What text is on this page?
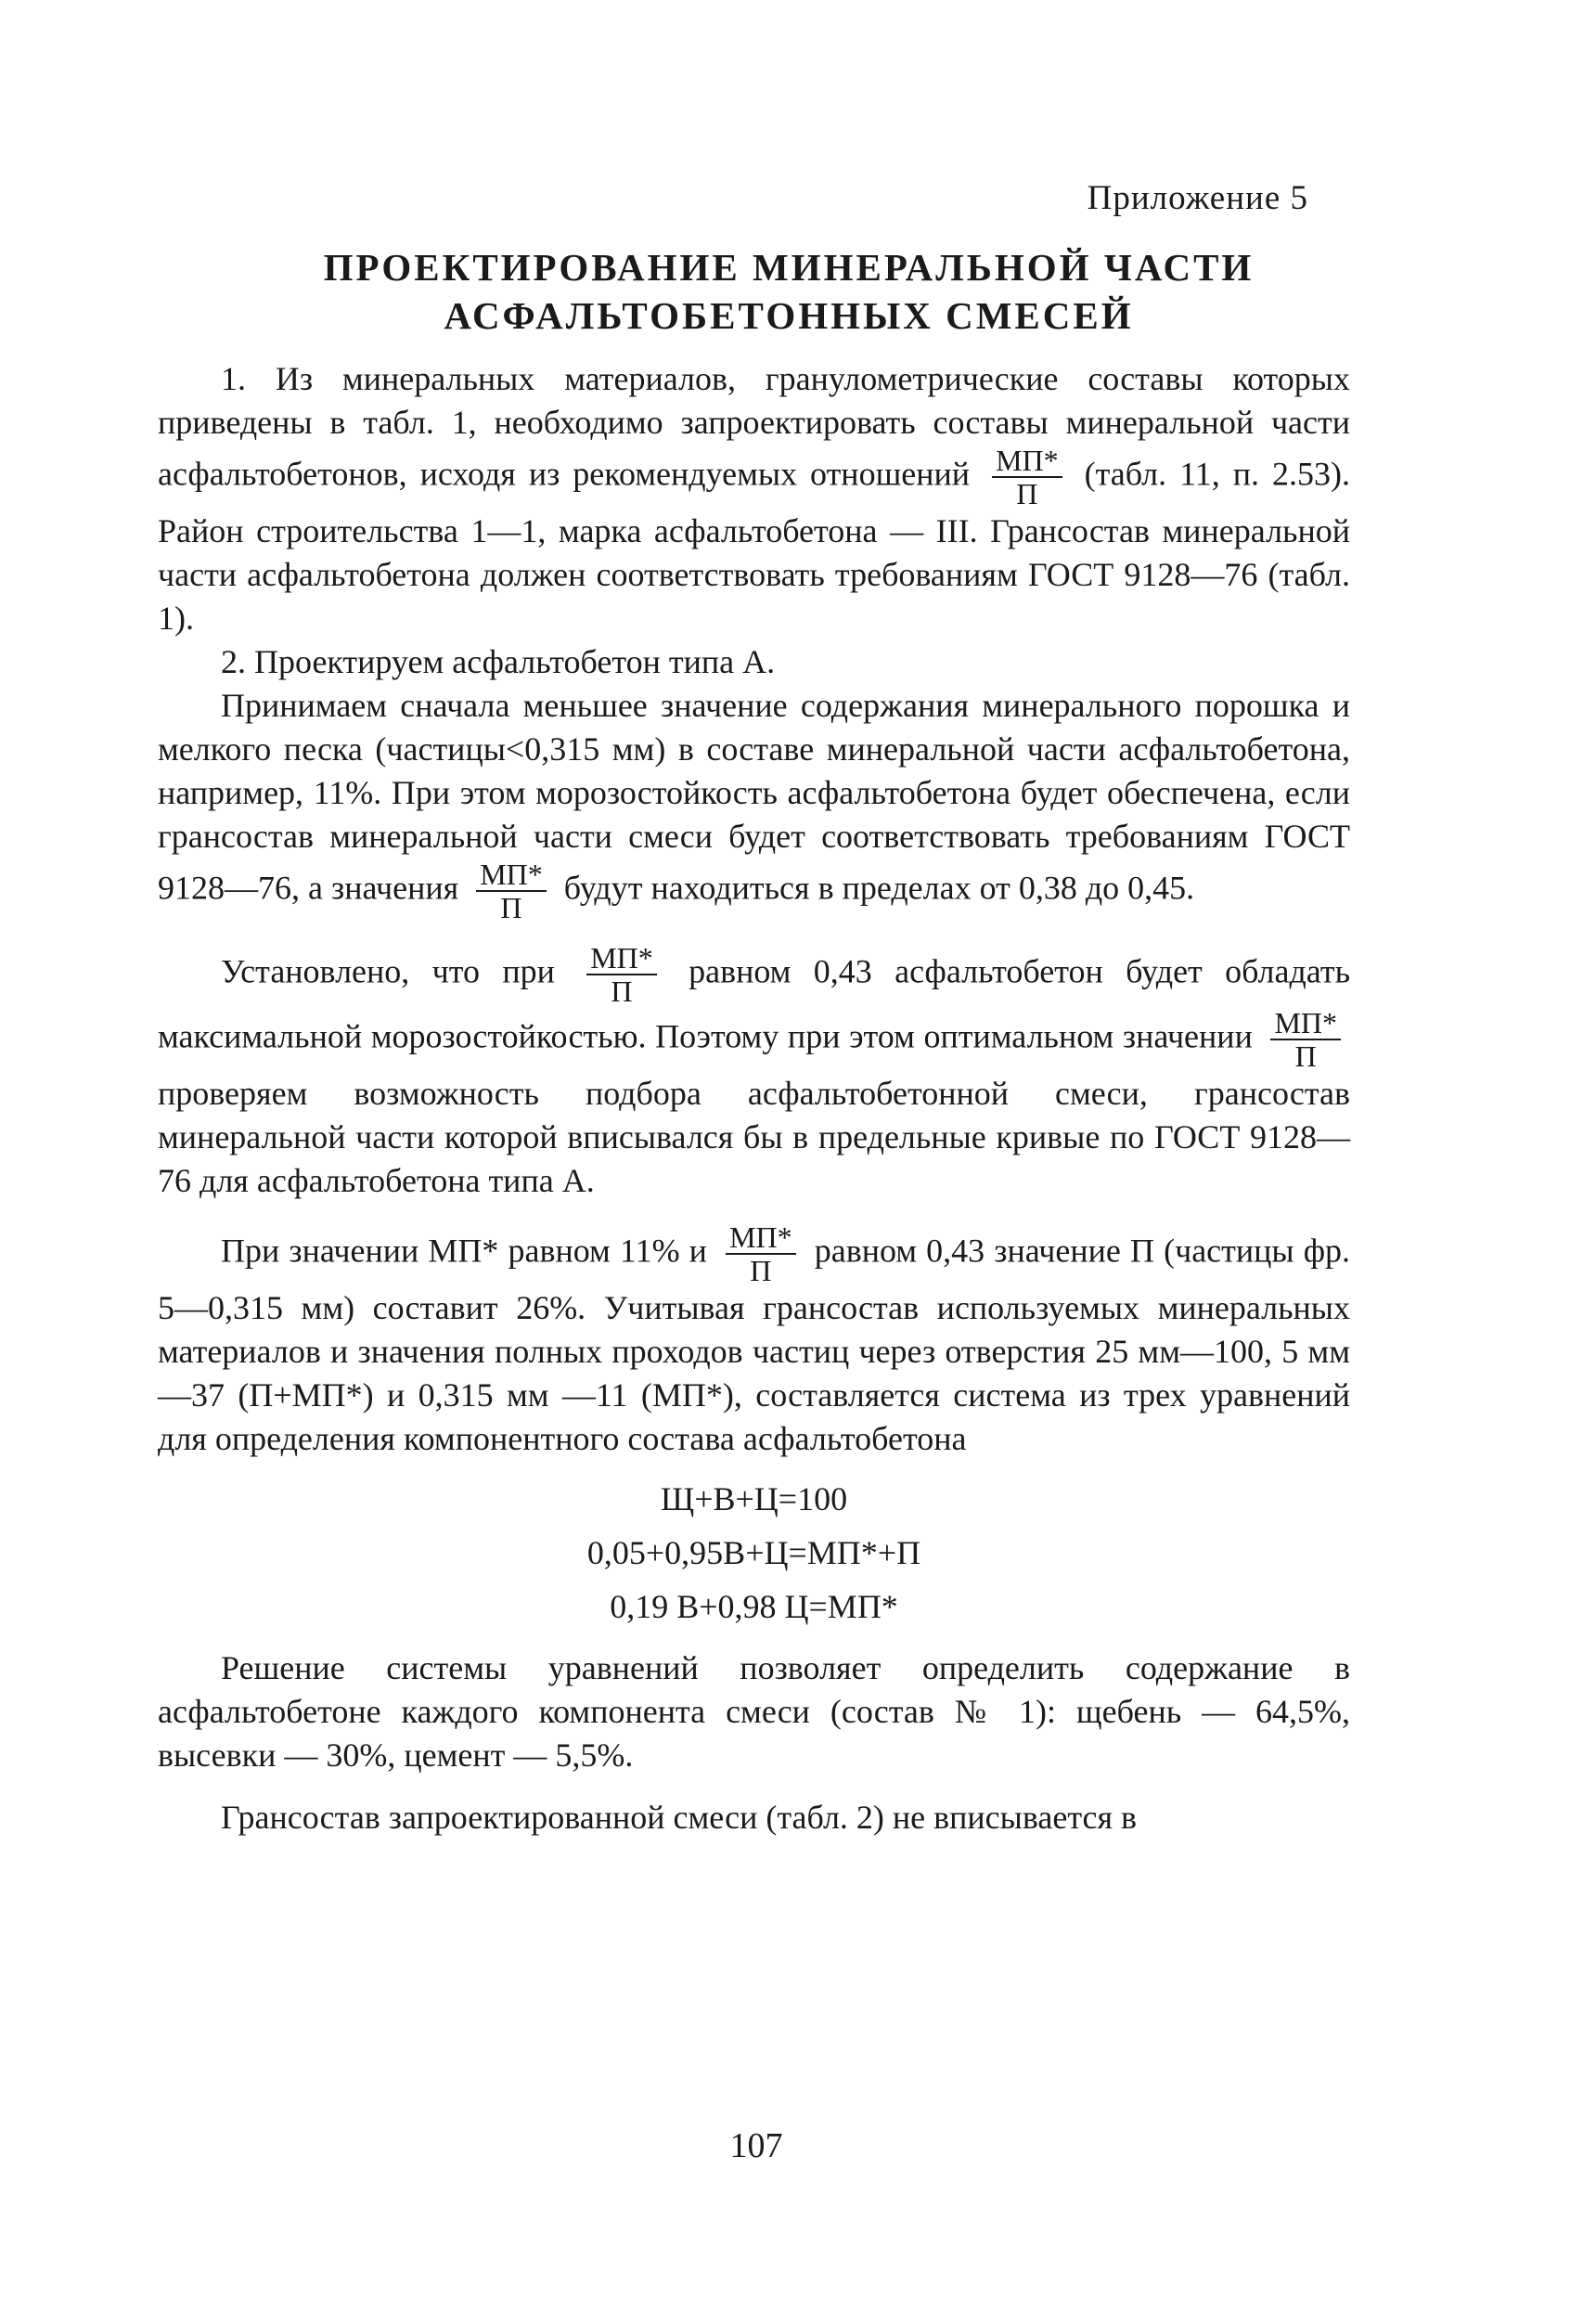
Приложение 5
ПРОЕКТИРОВАНИЕ МИНЕРАЛЬНОЙ ЧАСТИ
АСФАЛЬТОБЕТОННЫХ СМЕСЕЙ

1. Из минеральных материалов, гранулометрические составы которых приведены в табл. 1, необходимо запроектировать составы минеральной части асфальтобетонов, исходя из рекомендуемых отношений $\frac{МП*}{П}$ (табл. 11, п. 2.53). Район строительства 1—1, марка асфальтобетона — III. Грансостав минеральной части асфальтобетона должен соответствовать требованиям ГОСТ 9128—76 (табл. 1).

2. Проектируем асфальтобетон типа А.

Принимаем сначала меньшее значение содержания минерального порошка и мелкого песка (частицы<0,315 мм) в составе минеральной части асфальтобетона, например, 11%. При этом морозостойкость асфальтобетона будет обеспечена, если грансостав минеральной части смеси будет соответствовать требованиям ГОСТ 9128—76, а значения $\frac{МП*}{П}$ будут находиться в пределах от 0,38 до 0,45.

Установлено, что при $\frac{МП*}{П}$ равном 0,43 асфальтобетон будет обладать максимальной морозостойкостью. Поэтому при этом оптимальном значении $\frac{МП*}{П}$
проверяем возможность подбора асфальтобетонной смеси, грансостав минеральной части которой вписывался бы в предельные кривые по ГОСТ 9128—76 для асфальтобетона типа А.

При значении МП* равном 11% и $\frac{МП*}{П}$ равном 0,43 значение П (частицы фр. 5—0,315 мм) составит 26%. Учитывая грансостав используемых минеральных материалов и значения полных проходов частиц через отверстия 25 мм—100, 5 мм—37 (П+МП*) и 0,315 мм —11 (МП*), составляется система из трех уравнений для определения компонентного состава асфальтобетона

Щ+В+Ц=100
0,05+0,95В+Ц=МП*+П
0,19 В+0,98 Ц=МП*

Решение системы уравнений позволяет определить содержание в асфальтобетоне каждого компонента смеси (состав № 1): щебень — 64,5%, высевки — 30%, цемент — 5,5%.

Грансостав запроектированной смеси (табл. 2) не вписывается в

107
